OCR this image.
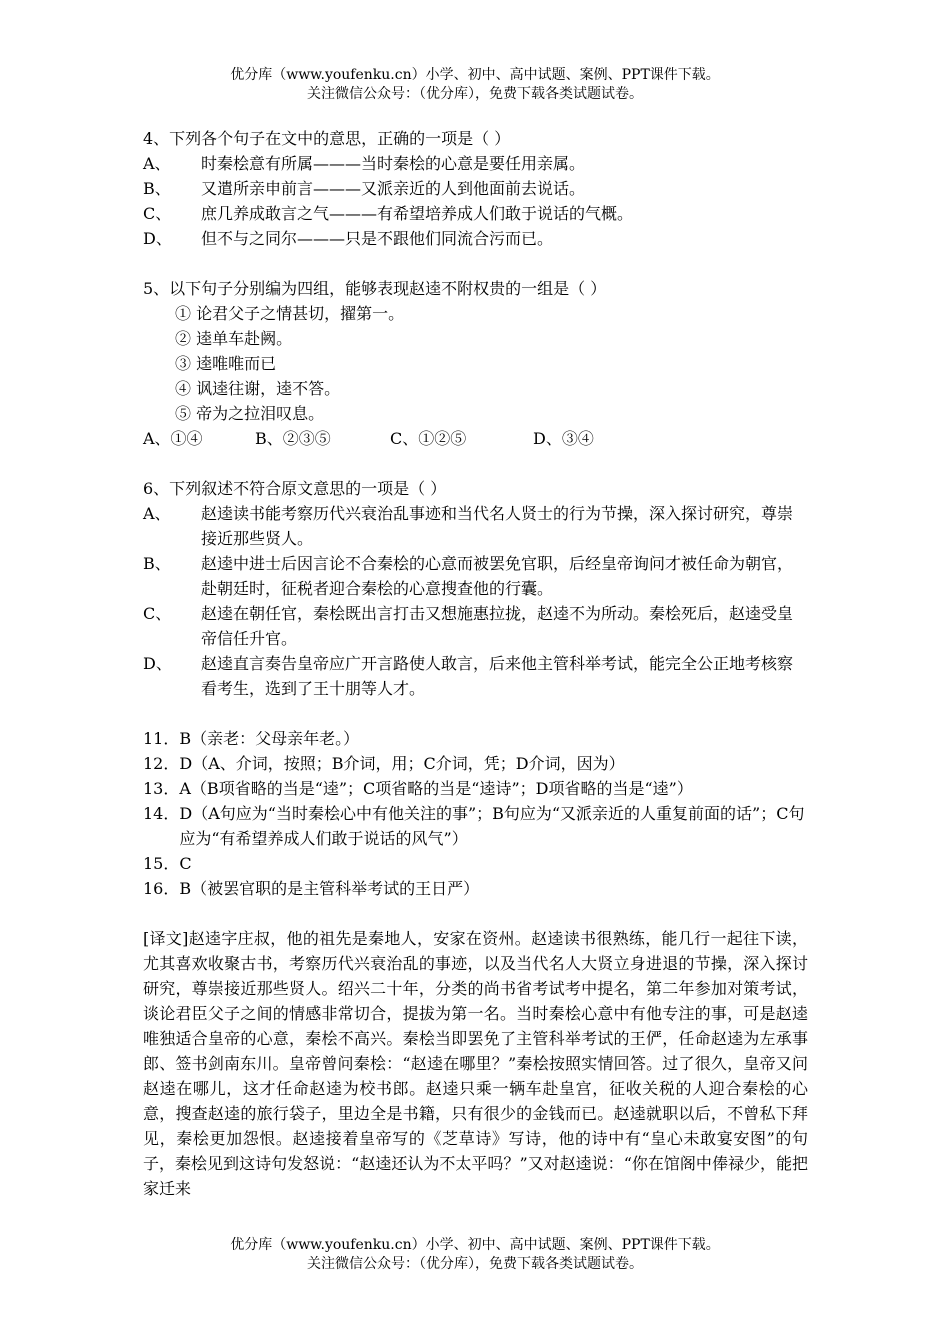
优分库（www.youfenku.cn）小学、初中、高中试题、案例、PPT课件下载。
关注微信公众号：（优分库），免费下载各类试题试卷。
4、下列各个句子在文中的意思，正确的一项是（ ）
A、	时秦桧意有所属———当时秦桧的心意是要任用亲属。
B、	又遣所亲申前言———又派亲近的人到他面前去说话。
C、	庶几养成敢言之气———有希望培养成人们敢于说话的气概。
D、	但不与之同尔———只是不跟他们同流合污而已。
5、以下句子分别编为四组，能够表现赵逵不附权贵的一组是（ ）
① 论君父子之情甚切，擢第一。
② 逵单车赴阙。
③ 逵唯唯而已
④ 讽逵往谢，逵不答。
⑤ 帝为之拉泪叹息。
A、①④	B、②③⑤	C、①②⑤	D、③④
6、下列叙述不符合原文意思的一项是（ ）
A、	赵逵读书能考察历代兴衰治乱事迹和当代名人贤士的行为节操，深入探讨研究，尊崇接近那些贤人。
B、	赵逵中进士后因言论不合秦桧的心意而被罢免官职，后经皇帝询问才被任命为朝官，赴朝廷时，征税者迎合秦桧的心意搜查他的行囊。
C、	赵逵在朝任官，秦桧既出言打击又想施惠拉拢，赵逵不为所动。秦桧死后，赵逵受皇帝信任升官。
D、	赵逵直言奏告皇帝应广开言路使人敢言，后来他主管科举考试，能完全公正地考核察看考生，选到了王十朋等人才。
11． B（亲老：父母亲年老。）
12． D（A、介词，按照；B介词，用；C介词，凭；D介词，因为）
13． A（B项省略的当是“逵”；C项省略的当是“逵诗”；D项省略的当是“逵”）
14． D（A句应为“当时秦桧心中有他关注的事”；B句应为“又派亲近的人重复前面的话”；C句应为“有希望养成人们敢于说话的风气”）
15． C
16． B（被罢官职的是主管科举考试的王日严）
[译文]赵逵字庄叔，他的祖先是秦地人，安家在资州。赵逵读书很熟练，能几行一起往下读，尤其喜欢收聚古书，考察历代兴衰治乱的事迹，以及当代名人大贤立身进退的节操，深入探讨研究，尊崇接近那些贤人。绍兴二十年，分类的尚书省考试考中提名，第二年参加对策考试，谈论君臣父子之间的情感非常切合，提拔为第一名。当时秦桧心意中有他专注的事，可是赵逵唯独适合皇帝的心意，秦桧不高兴。秦桧当即罢免了主管科举考试的王俨，任命赵逵为左承事郎、签书剑南东川。皇帝曾问秦桧：“赵逵在哪里？”秦桧按照实情回答。过了很久，皇帝又问赵逵在哪儿，这才任命赵逵为校书郎。赵逵只乘一辆车赴皇宫，征收关税的人迎合秦桧的心意，搜查赵逵的旅行袋子，里边全是书籍，只有很少的金钱而已。赵逵就职以后，不曾私下拜见，秦桧更加怨恨。赵逵接着皇帝写的《芝草诗》写诗，他的诗中有“皇心未敢宴安图”的句子，秦桧见到这诗句发怒说：“赵逵还认为不太平吗？”又对赵逵说：“你在馆阁中俸禄少，能把家迁来
优分库（www.youfenku.cn）小学、初中、高中试题、案例、PPT课件下载。
关注微信公众号：（优分库），免费下载各类试题试卷。
